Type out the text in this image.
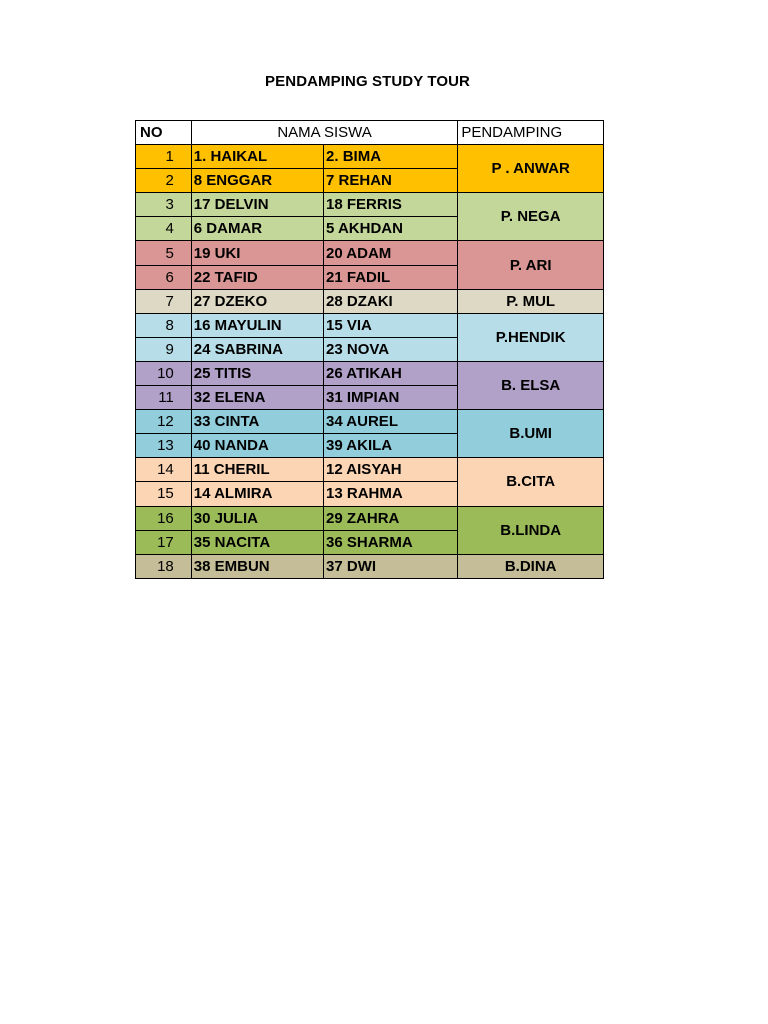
PENDAMPING STUDY TOUR
NO	NAMA SISWA		PENDAMPING
1	1. HAIKAL	2. BIMA	P . ANWAR
2	8 ENGGAR	7 REHAN	
3	17 DELVIN	18 FERRIS	P. NEGA
4	6 DAMAR	5 AKHDAN	
5	19 UKI	20 ADAM	P. ARI
6	22 TAFID	21 FADIL	
7	27 DZEKO	28 DZAKI	P. MUL
8	16 MAYULIN	15 VIA	P.HENDIK
9	24 SABRINA	23 NOVA	
10	25 TITIS	26 ATIKAH	B. ELSA
11	32 ELENA	31 IMPIAN	
12	33 CINTA	34 AUREL	B.UMI
13	40 NANDA	39 AKILA	
14	11 CHERIL	12 AISYAH	B.CITA
15	14 ALMIRA	13 RAHMA	
16	30 JULIA	29 ZAHRA	B.LINDA
17	35 NACITA	36 SHARMA	
18	38 EMBUN	37 DWI	B.DINA
